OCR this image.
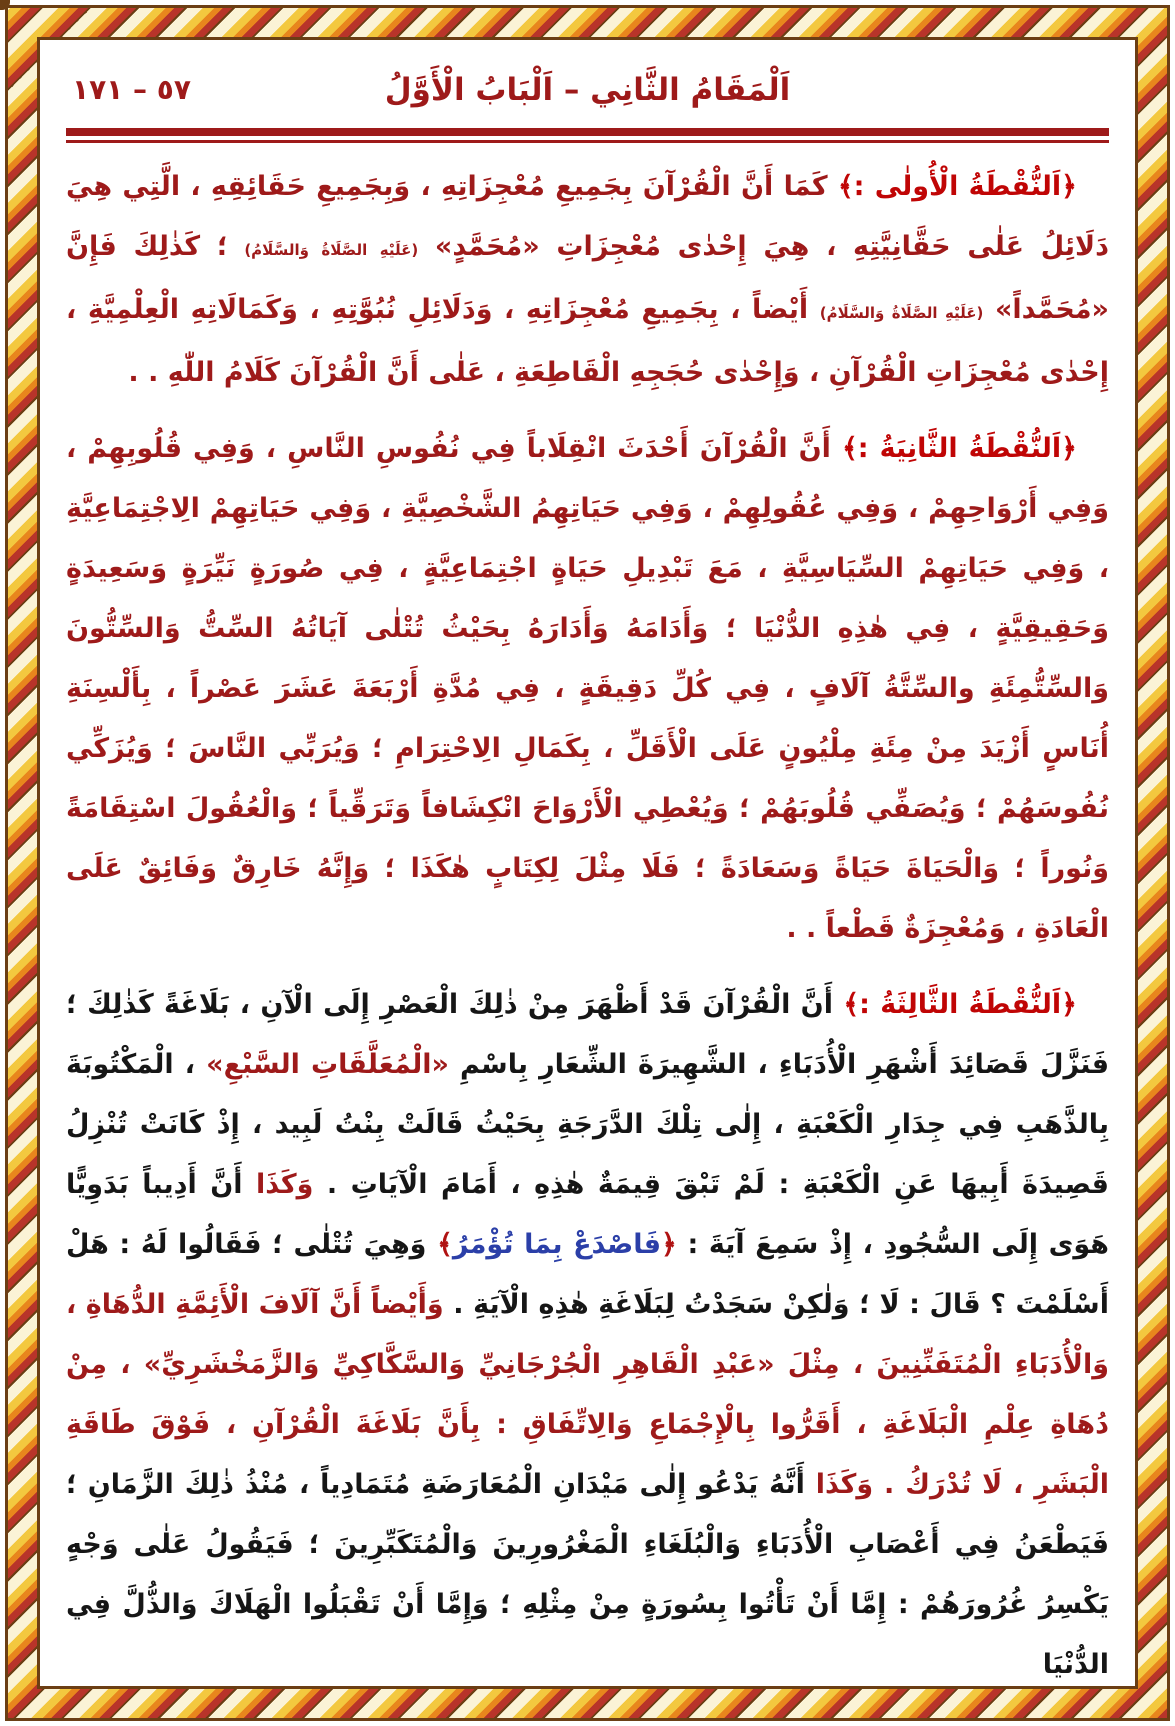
٥٧ – ١٧١	اَلْمَقَامُ الثَّانِي – اَلْبَابُ الْأَوَّلُ

﴿اَلنُّقْطَةُ الْأُولٰى :﴾ كَمَا أَنَّ الْقُرْآنَ بِجَمِيعِ مُعْجِزَاتِهِ ، وَبِجَمِيعِ حَقَائِقِهِ ، الَّتِي هِيَ دَلَائِلُ عَلٰى حَقَّانِيَّتِهِ ، هِيَ إِحْدٰى مُعْجِزَاتِ «مُحَمَّدٍ» (عَلَيْهِ الصَّلَاةُ وَالسَّلَامُ) ؛ كَذٰلِكَ فَإِنَّ «مُحَمَّداً» (عَلَيْهِ الصَّلَاةُ وَالسَّلَامُ) أَيْضاً ، بِجَمِيعِ مُعْجِزَاتِهِ ، وَدَلَائِلِ نُبُوَّتِهِ ، وَكَمَالَاتِهِ الْعِلْمِيَّةِ ، إِحْدٰى مُعْجِزَاتِ الْقُرْآنِ ، وَإِحْدٰى حُجَجِهِ الْقَاطِعَةِ ، عَلٰى أَنَّ الْقُرْآنَ كَلَامُ اللّٰهِ . .

﴿اَلنُّقْطَةُ الثَّانِيَةُ :﴾ أَنَّ الْقُرْآنَ أَحْدَثَ انْقِلَاباً فِي نُفُوسِ النَّاسِ ، وَفِي قُلُوبِهِمْ ، وَفِي أَرْوَاحِهِمْ ، وَفِي عُقُولِهِمْ ، وَفِي حَيَاتِهِمُ الشَّخْصِيَّةِ ، وَفِي حَيَاتِهِمْ الِاجْتِمَاعِيَّةِ ، وَفِي حَيَاتِهِمْ السِّيَاسِيَّةِ ، مَعَ تَبْدِيلِ حَيَاةٍ اجْتِمَاعِيَّةٍ ، فِي صُورَةٍ نَيِّرَةٍ وَسَعِيدَةٍ وَحَقِيقِيَّةٍ ، فِي هٰذِهِ الدُّنْيَا ؛ وَأَدَامَهُ وَأَدَارَهُ بِحَيْثُ تُتْلٰى آيَاتُهُ السِّتُّ وَالسِّتُّونَ وَالسِّتُّمِئَةِ والسِّتَّةُ آلَافٍ ، فِي كُلِّ دَقِيقَةٍ ، فِي مُدَّةِ أَرْبَعَةَ عَشَرَ عَصْراً ، بِأَلْسِنَةِ أُنَاسٍ أَزْيَدَ مِنْ مِئَةِ مِلْيُونٍ عَلَى الْأَقَلِّ ، بِكَمَالِ الِاحْتِرَامِ ؛ وَيُرَبِّي النَّاسَ ؛ وَيُزَكِّي نُفُوسَهُمْ ؛ وَيُصَفِّي قُلُوبَهُمْ ؛ وَيُعْطِي الْأَرْوَاحَ انْكِشَافاً وَتَرَقِّياً ؛ وَالْعُقُولَ اسْتِقَامَةً وَنُوراً ؛ وَالْحَيَاةَ حَيَاةً وَسَعَادَةً ؛ فَلَا مِثْلَ لِكِتَابٍ هٰكَذَا ؛ وَإِنَّهُ خَارِقٌ وَفَائِقٌ عَلَى الْعَادَةِ ، وَمُعْجِزَةٌ قَطْعاً . .

﴿اَلنُّقْطَةُ الثَّالِثَةُ :﴾ أَنَّ الْقُرْآنَ قَدْ أَظْهَرَ مِنْ ذٰلِكَ الْعَصْرِ إِلَى الْآنِ ، بَلَاغَةً كَذٰلِكَ ؛ فَنَزَّلَ قَصَائِدَ أَشْهَرِ الْأُدَبَاءِ ، الشَّهِيرَةَ الشِّعَارِ بِاسْمِ «الْمُعَلَّقَاتِ السَّبْعِ» ، الْمَكْتُوبَةَ بِالذَّهَبِ فِي جِدَارِ الْكَعْبَةِ ، إِلٰى تِلْكَ الدَّرَجَةِ بِحَيْثُ قَالَتْ بِنْتُ لَبِيد ، إِذْ كَانَتْ تُنْزِلُ قَصِيدَةَ أَبِيهَا عَنِ الْكَعْبَةِ : لَمْ تَبْقَ قِيمَةٌ هٰذِهِ ، أَمَامَ الْآيَاتِ . وَكَذَا أَنَّ أَدِيباً بَدَوِيًّا هَوَى إِلَى السُّجُودِ ، إِذْ سَمِعَ آيَةَ : ﴿فَاصْدَعْ بِمَا تُؤْمَرُ﴾ وَهِيَ تُتْلٰى ؛ فَقَالُوا لَهُ : هَلْ أَسْلَمْتَ ؟ قَالَ : لَا ؛ وَلٰكِنْ سَجَدْتُ لِبَلَاغَةِ هٰذِهِ الْآيَةِ . وَأَيْضاً أَنَّ آلَافَ الْأَئِمَّةِ الدُّهَاةِ ، وَالْأُدَبَاءِ الْمُتَفَنِّنِينَ ، مِثْلَ «عَبْدِ الْقَاهِرِ الْجُرْجَانِيِّ وَالسَّكَّاكِيِّ وَالزَّمَخْشَرِيِّ» ، مِنْ دُهَاةِ عِلْمِ الْبَلَاغَةِ ، أَقَرُّوا بِالْإِجْمَاعِ وَالِاتِّفَاقِ : بِأَنَّ بَلَاغَةَ الْقُرْآنِ ، فَوْقَ طَاقَةِ الْبَشَرِ ، لَا تُدْرَكُ . وَكَذَا أَنَّهُ يَدْعُو إِلٰى مَيْدَانِ الْمُعَارَضَةِ مُتَمَادِياً ، مُنْذُ ذٰلِكَ الزَّمَانِ ؛ فَيَطْعَنُ فِي أَعْصَابِ الْأُدَبَاءِ وَالْبُلَغَاءِ الْمَغْرُورِينَ وَالْمُتَكَبِّرِينَ ؛ فَيَقُولُ عَلٰى وَجْهٍ يَكْسِرُ غُرُورَهُمْ : إِمَّا أَنْ تَأْتُوا بِسُورَةٍ مِنْ مِثْلِهِ ؛ وَإِمَّا أَنْ تَقْبَلُوا الْهَلَاكَ وَالذُّلَّ فِي الدُّنْيَا
